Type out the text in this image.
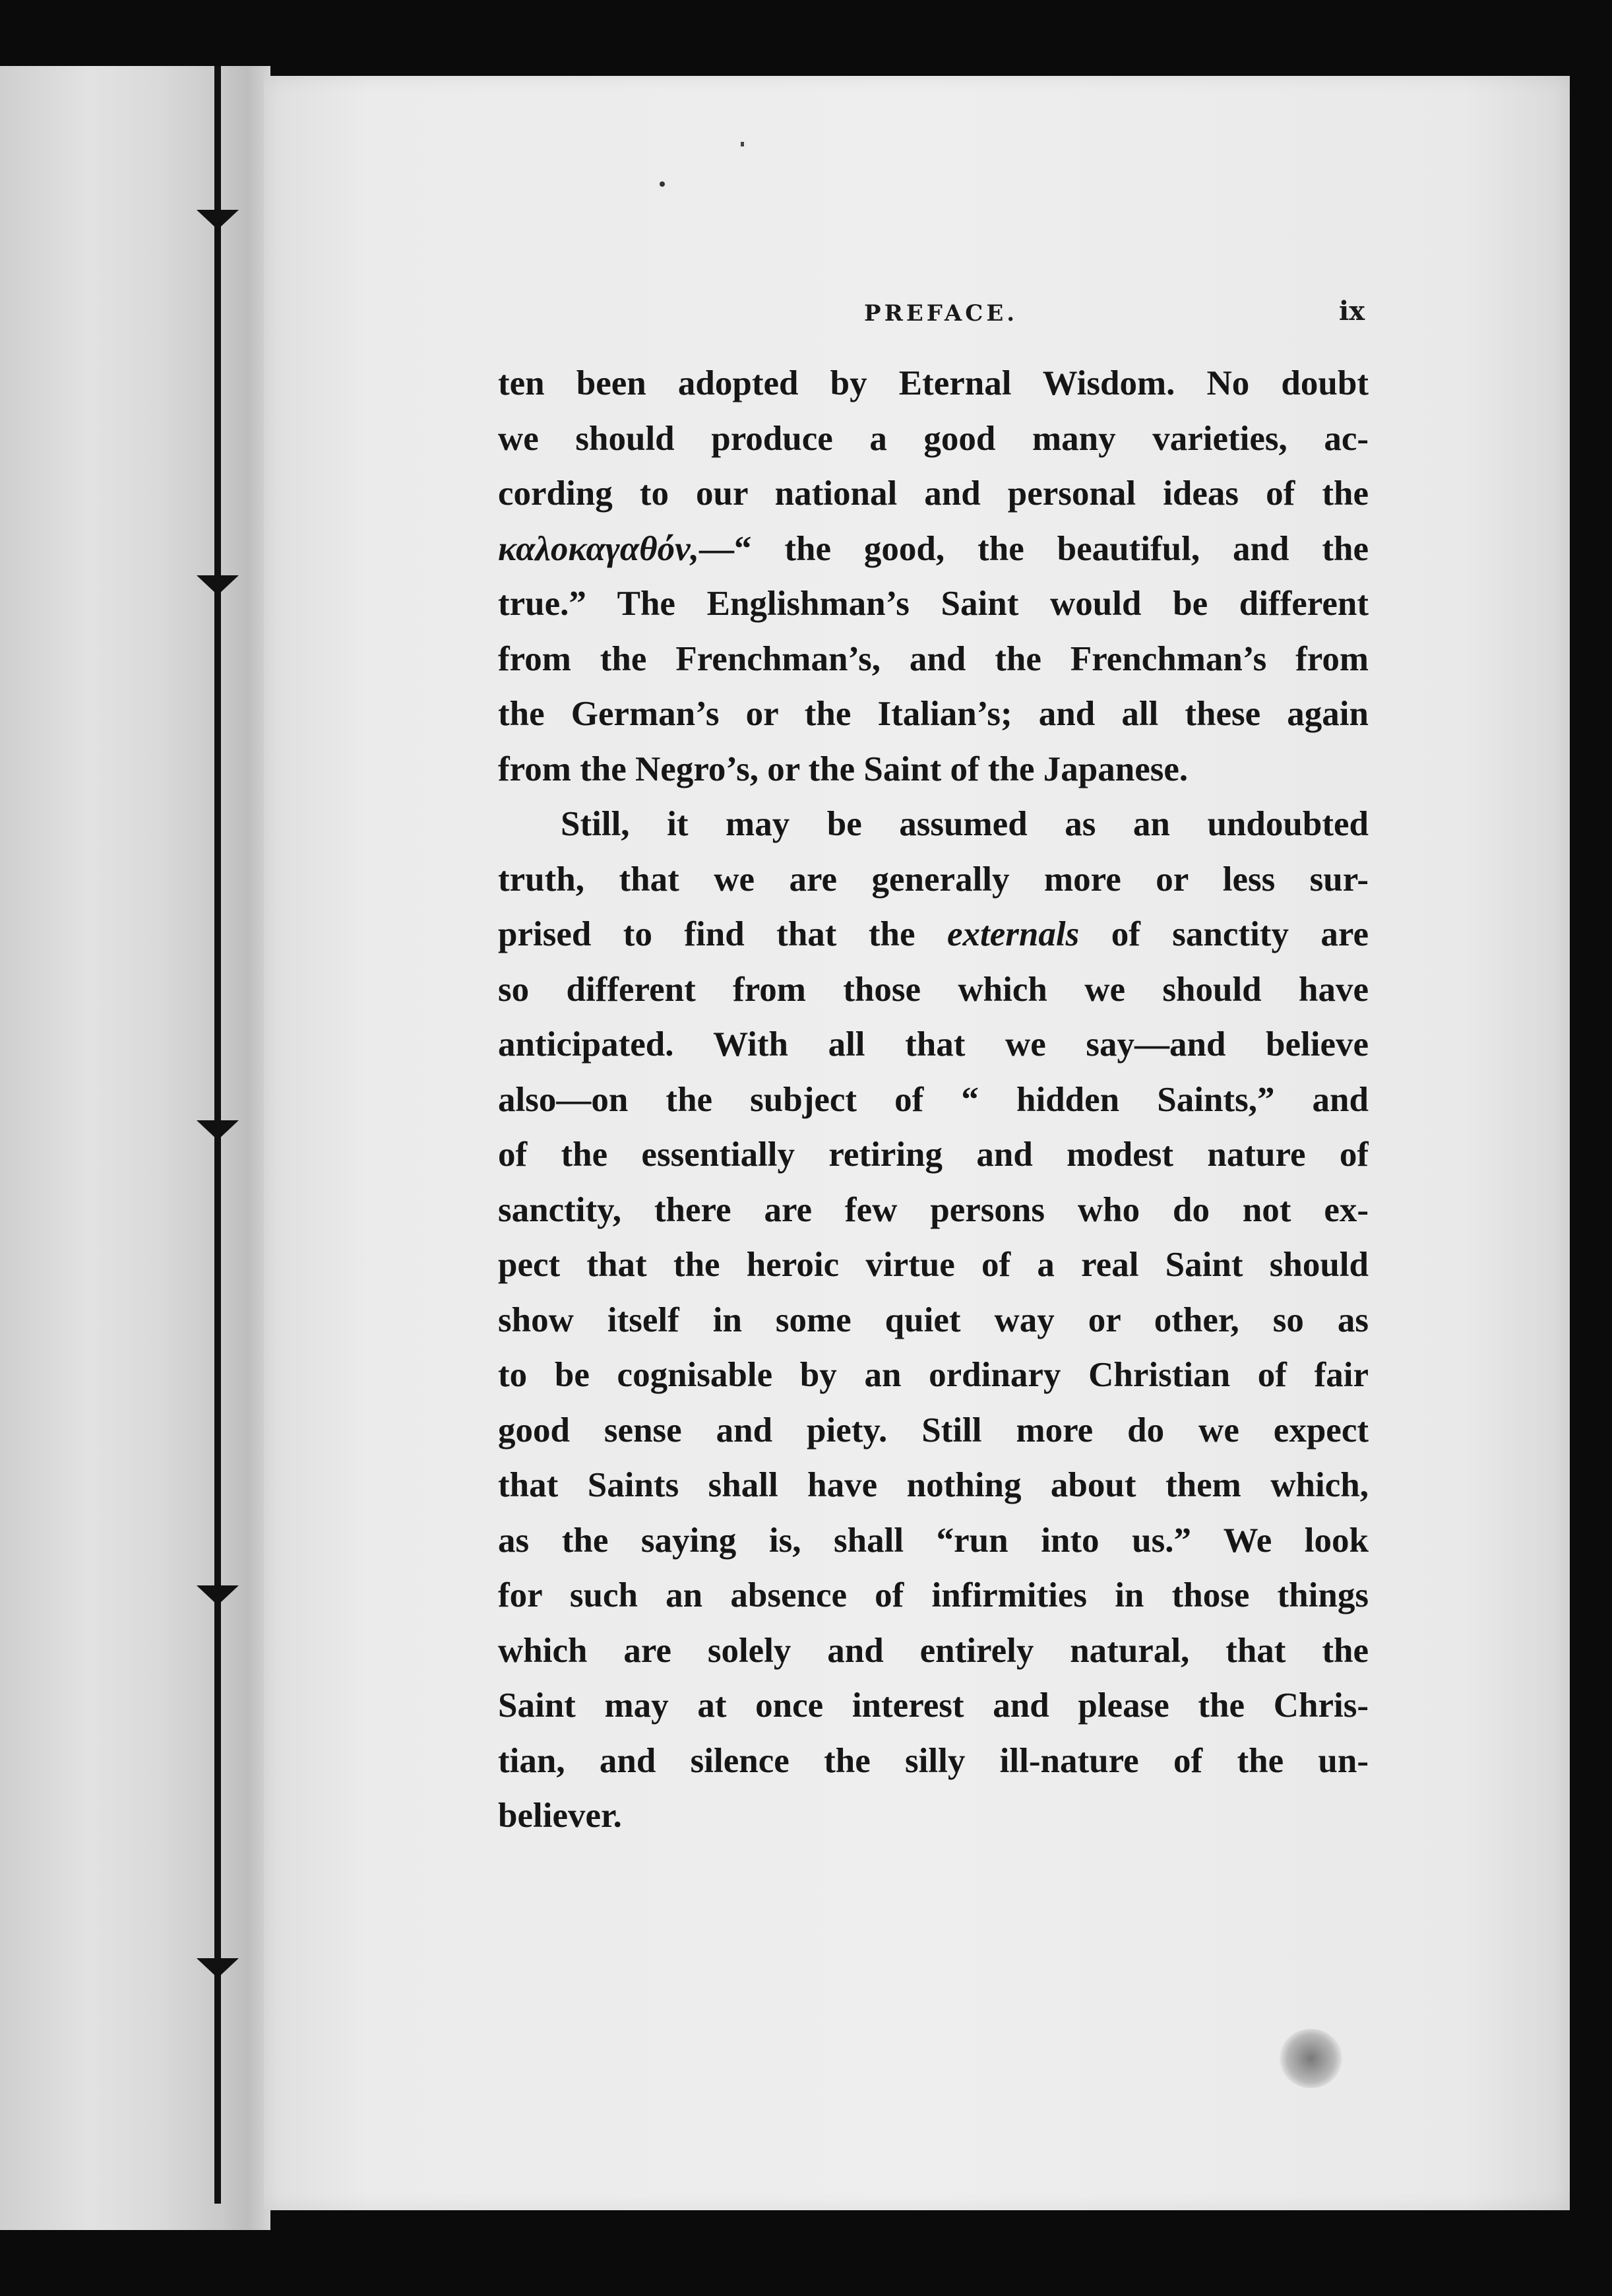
PREFACE.	ix
ten been adopted by Eternal Wisdom. No doubt
we should produce a good many varieties, ac-
cording to our national and personal ideas of the
καλοκαγαθόν,—“ the good, the beautiful, and the
true.” The Englishman’s Saint would be different
from the Frenchman’s, and the Frenchman’s from
the German’s or the Italian’s; and all these again
from the Negro’s, or the Saint of the Japanese.
Still, it may be assumed as an undoubted
truth, that we are generally more or less sur-
prised to find that the externals of sanctity are
so different from those which we should have
anticipated. With all that we say—and believe
also—on the subject of “ hidden Saints,” and
of the essentially retiring and modest nature of
sanctity, there are few persons who do not ex-
pect that the heroic virtue of a real Saint should
show itself in some quiet way or other, so as
to be cognisable by an ordinary Christian of fair
good sense and piety. Still more do we expect
that Saints shall have nothing about them which,
as the saying is, shall “run into us.” We look
for such an absence of infirmities in those things
which are solely and entirely natural, that the
Saint may at once interest and please the Chris-
tian, and silence the silly ill-nature of the un-
believer.
